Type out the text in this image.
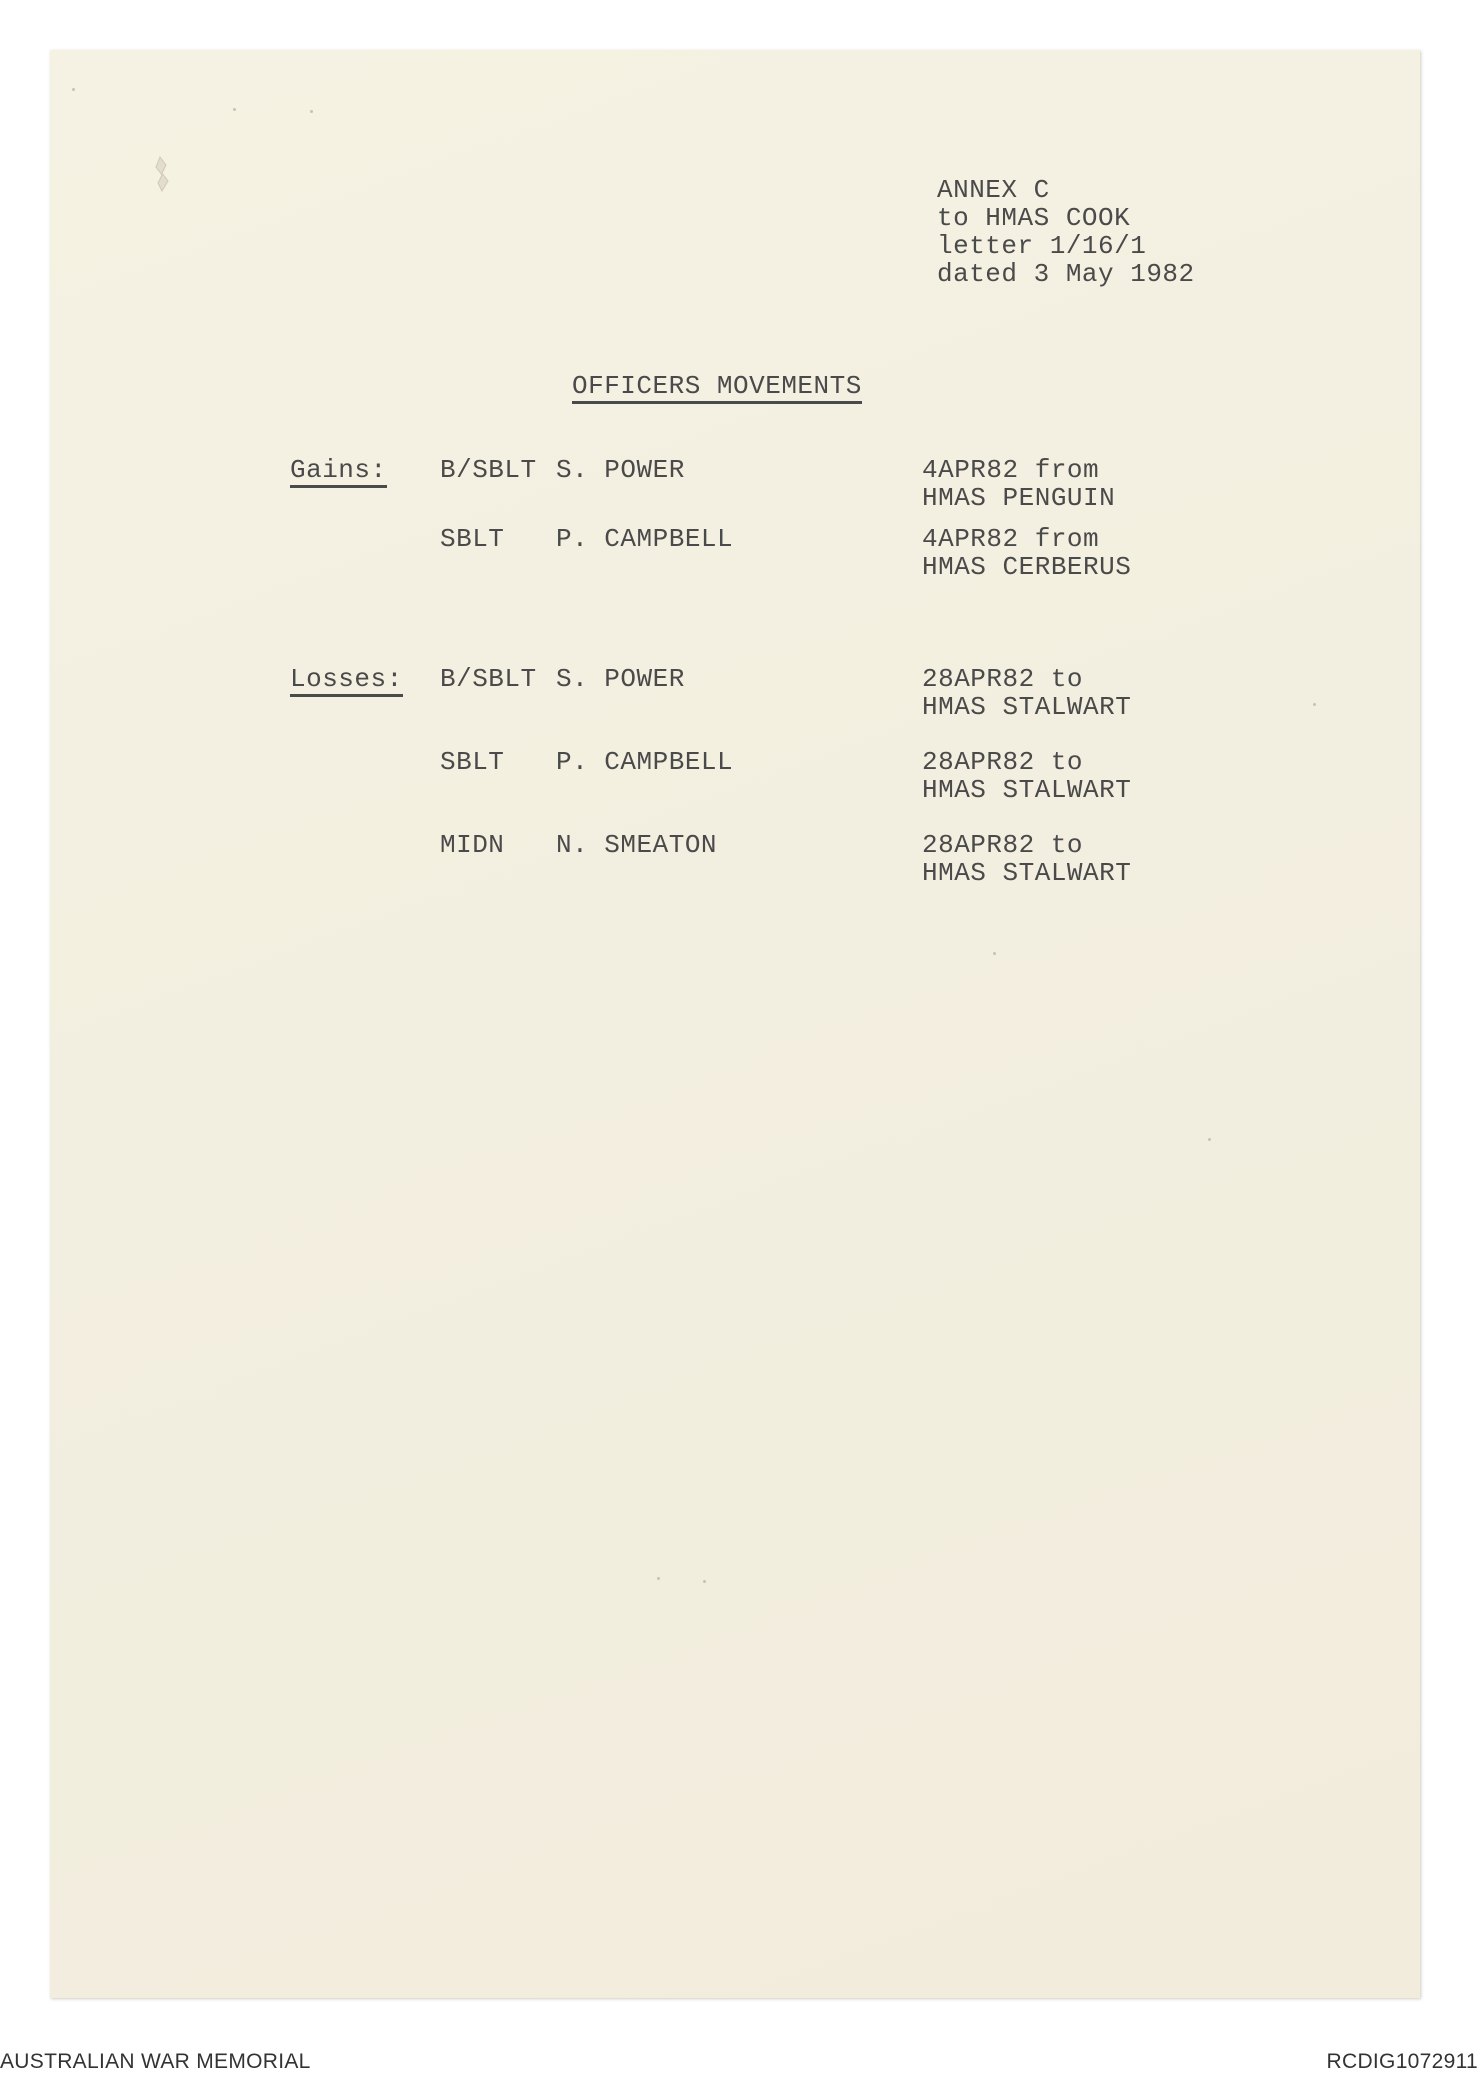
ANNEX C
to HMAS COOK
letter 1/16/1
dated 3 May 1982
OFFICERS MOVEMENTS
Gains: B/SBLT S. POWER	4APR82 from
HMAS PENGUIN
SBLT P. CAMPBELL	4APR82 from
HMAS CERBERUS
Losses: B/SBLT S. POWER	28APR82 to
HMAS STALWART
SBLT P. CAMPBELL	28APR82 to
HMAS STALWART
MIDN N. SMEATON	28APR82 to
HMAS STALWART
AUSTRALIAN WAR MEMORIAL	RCDIG1072911
